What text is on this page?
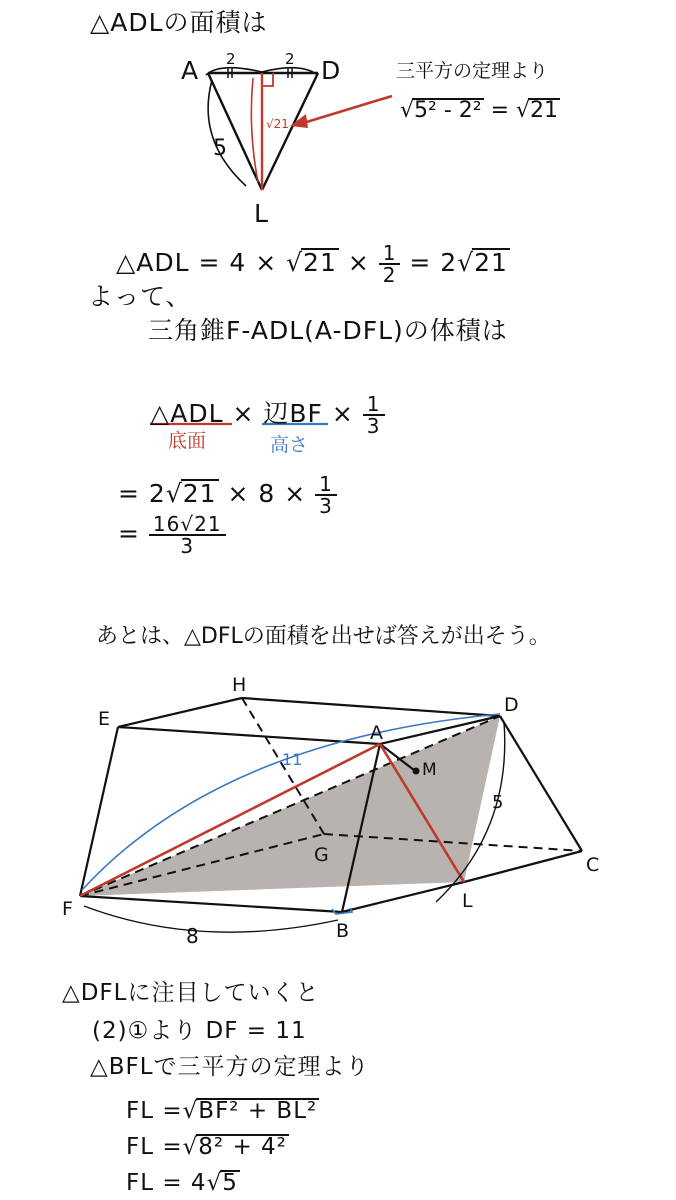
△ADLの面積は
A	D
L
2	2
5
√21
三平方の定理より
√5² - 2² = √21
△ADL = $4 \times √21 \times \frac{1}{2} = 2√21$
よって、
三角錐F-ADL(A-DFL)の体積は
△ADL × 辺BF × $\frac{1}{3}$
底面	高さ
= $2√21 \times 8 \times \frac{1}{3}$
= $\frac{16√21}{3}$
あとは、△DFLの面積を出せば答えが出そう。
H
D
E
A
M
G	C
F	L
B
11
5
8
△DFLに注目していくと
(2)①より DF = 11
△BFLで三平方の定理より
FL =√BF² + BL²
FL =√8² + 4²
FL = 4√5
